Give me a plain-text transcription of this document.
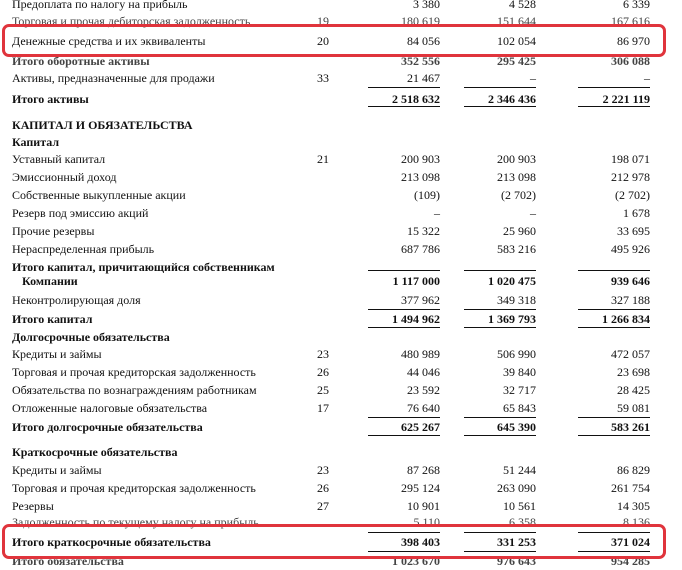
Предоплата по налогу на прибыль	3 380	4 528	6 339
Торговая и прочая дебиторская задолженность	19	180 619	151 644	167 616
Денежные средства и их эквиваленты	20	84 056	102 054	86 970
Итого оборотные активы	352 556	295 425	306 088
Активы, предназначенные для продажи	33	21 467	–	–
Итого активы	2 518 632	2 346 436	2 221 119
КАПИТАЛ И ОБЯЗАТЕЛЬСТВА
Капитал
Уставный капитал	21	200 903	200 903	198 071
Эмиссионный доход	213 098	213 098	212 978
Собственные выкупленные акции	(109)	(2 702)	(2 702)
Резерв под эмиссию акций	–	–	1 678
Прочие резервы	15 322	25 960	33 695
Нераспределенная прибыль	687 786	583 216	495 926
Итого капитал, причитающийся собственникам
Компании	1 117 000	1 020 475	939 646
Неконтролирующая доля	377 962	349 318	327 188
Итого капитал	1 494 962	1 369 793	1 266 834
Долгосрочные обязательства
Кредиты и займы	23	480 989	506 990	472 057
Торговая и прочая кредиторская задолженность	26	44 046	39 840	23 698
Обязательства по вознаграждениям работникам	25	23 592	32 717	28 425
Отложенные налоговые обязательства	17	76 640	65 843	59 081
Итого долгосрочные обязательства	625 267	645 390	583 261
Краткосрочные обязательства
Кредиты и займы	23	87 268	51 244	86 829
Торговая и прочая кредиторская задолженность	26	295 124	263 090	261 754
Резервы	27	10 901	10 561	14 305
Задолженность по текущему налогу на прибыль	5 110	6 358	8 136
Итого краткосрочные обязательства	398 403	331 253	371 024
Итого обязательства	1 023 670	976 643	954 285
